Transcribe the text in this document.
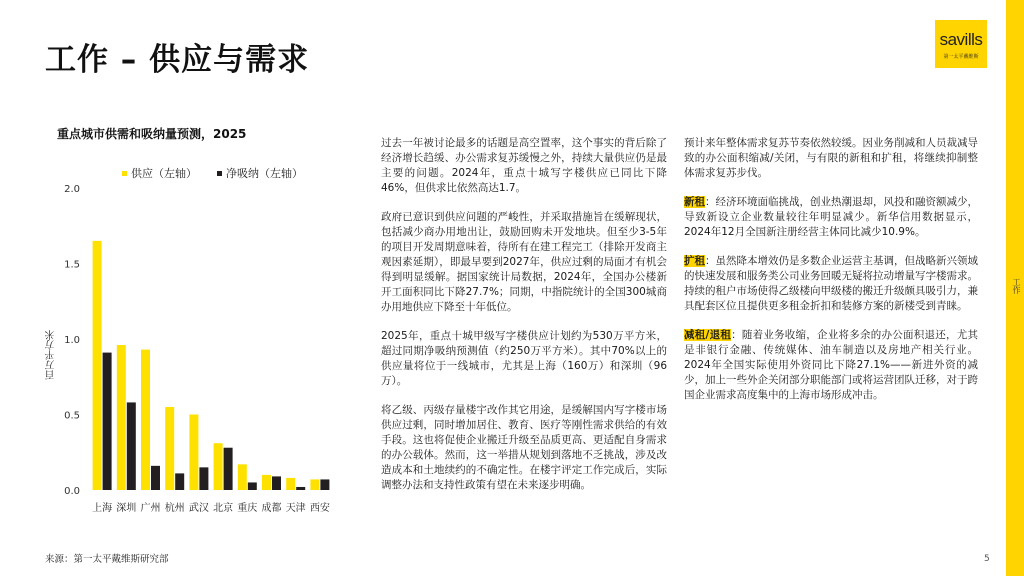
工作 – 供应与需求
savills
第一太平戴维斯
工作
重点城市供需和吸纳量预测，2025
供应（左轴）	净吸纳（左轴）
百万平方米
2.0
1.5
1.0
0.5
0.0
上海 深圳 广州 杭州 武汉 北京 重庆 成都 天津 西安

过去一年被讨论最多的话题是高空置率，这个事实的背后除了经济增长趋缓、办公需求复苏缓慢之外，持续大量供应仍是最主要的问题。2024年，重点十城写字楼供应已同比下降46%，但供求比依然高达1.7。

政府已意识到供应问题的严峻性，并采取措施旨在缓解现状，包括减少商办用地出让，鼓励回购未开发地块。但至少3-5年的项目开发周期意味着，待所有在建工程完工（排除开发商主观因素延期），即最早要到2027年，供应过剩的局面才有机会得到明显缓解。据国家统计局数据，2024年，全国办公楼新开工面积同比下降27.7%；同期，中指院统计的全国300城商办用地供应下降至十年低位。

2025年，重点十城甲级写字楼供应计划约为530万平方米，超过同期净吸纳预测值（约250万平方米）。其中70%以上的供应量将位于一线城市，尤其是上海（160万）和深圳（96万）。

将乙级、丙级存量楼宇改作其它用途，是缓解国内写字楼市场供应过剩，同时增加居住、教育、医疗等刚性需求供给的有效手段。这也将促使企业搬迁升级至品质更高、更适配自身需求的办公载体。然而，这一举措从规划到落地不乏挑战，涉及改造成本和土地续约的不确定性。在楼宇评定工作完成后，实际调整办法和支持性政策有望在未来逐步明确。

预计来年整体需求复苏节奏依然较缓。因业务削减和人员裁减导致的办公面积缩减/关闭，与有限的新租和扩租，将继续抑制整体需求复苏步伐。

新租：经济环境面临挑战，创业热潮退却，风投和融资额减少，导致新设立企业数量较往年明显减少。新华信用数据显示，2024年12月全国新注册经营主体同比减少10.9%。

扩租：虽然降本增效仍是多数企业运营主基调，但战略新兴领域的快速发展和服务类公司业务回暖无疑将拉动增量写字楼需求。持续的租户市场使得乙级楼向甲级楼的搬迁升级颇具吸引力，兼具配套区位且提供更多租金折扣和装修方案的新楼受到青睐。

减租/退租：随着业务收缩，企业将多余的办公面积退还，尤其是非银行金融、传统媒体、油车制造以及房地产相关行业。2024年全国实际使用外资同比下降27.1%——新进外资的减少，加上一些外企关闭部分职能部门或将运营团队迁移，对于跨国企业需求高度集中的上海市场形成冲击。

来源：第一太平戴维斯研究部	5
